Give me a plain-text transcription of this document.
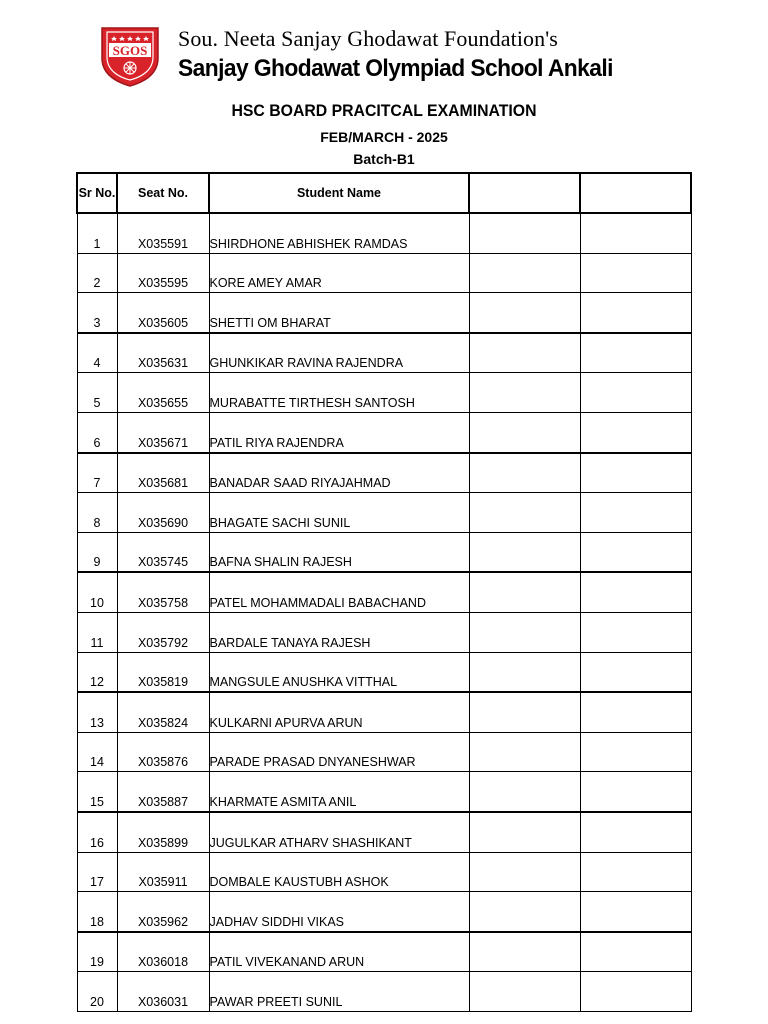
SGOS Sou. Neeta Sanjay Ghodawat Foundation's
Sanjay Ghodawat Olympiad School Ankali
HSC BOARD PRACITCAL EXAMINATION
FEB/MARCH - 2025
Batch-B1
Sr No.	Seat No.	Student Name		
1	X035591	SHIRDHONE ABHISHEK RAMDAS		
2	X035595	KORE AMEY AMAR		
3	X035605	SHETTI OM BHARAT		
4	X035631	GHUNKIKAR RAVINA RAJENDRA		
5	X035655	MURABATTE TIRTHESH SANTOSH		
6	X035671	PATIL RIYA RAJENDRA		
7	X035681	BANADAR SAAD RIYAJAHMAD		
8	X035690	BHAGATE SACHI SUNIL		
9	X035745	BAFNA SHALIN RAJESH		
10	X035758	PATEL MOHAMMADALI BABACHAND		
11	X035792	BARDALE TANAYA RAJESH		
12	X035819	MANGSULE ANUSHKA VITTHAL		
13	X035824	KULKARNI APURVA ARUN		
14	X035876	PARADE PRASAD DNYANESHWAR		
15	X035887	KHARMATE ASMITA ANIL		
16	X035899	JUGULKAR ATHARV SHASHIKANT		
17	X035911	DOMBALE KAUSTUBH ASHOK		
18	X035962	JADHAV SIDDHI VIKAS		
19	X036018	PATIL VIVEKANAND ARUN		
20	X036031	PAWAR PREETI SUNIL		
